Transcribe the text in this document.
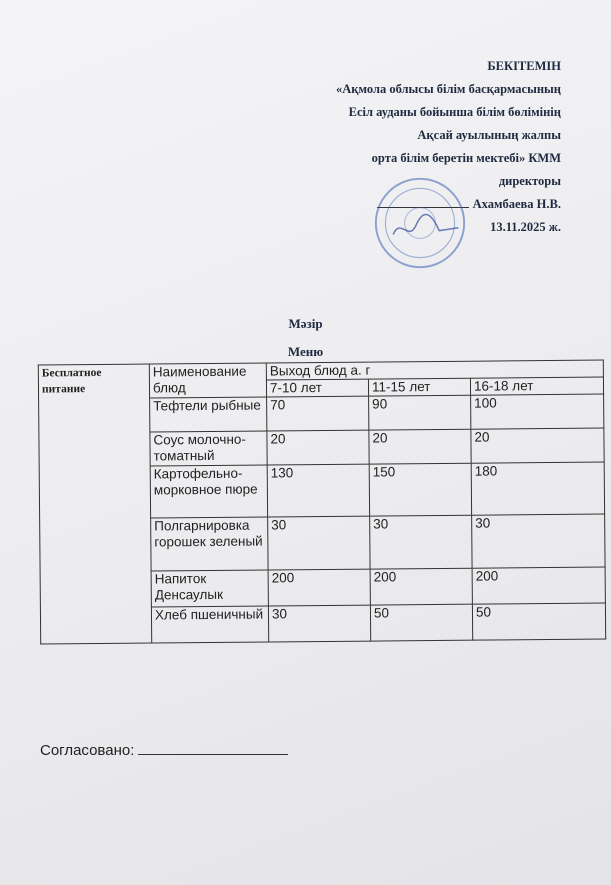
БЕКІТЕМІН
«Ақмола облысы білім басқармасының
Есіл ауданы бойынша білім бөлімінің
Ақсай ауылының жалпы
орта білім беретін мектебі» КММ
директоры
Ахамбаева Н.В.
13.11.2025 ж.
Мәзір
Меню
Бесплатное питание	Наименование блюд	Выход блюд а. г		
		7-10 лет	11-15 лет	16-18 лет
	Тефтели рыбные	70	90	100
	Соус молочно-томатный	20	20	20
	Картофельно-морковное пюре	130	150	180
	Полгарнировка горошек зеленый	30	30	30
	Напиток Денсаулык	200	200	200
	Хлеб пшеничный	30	50	50
Согласовано:
